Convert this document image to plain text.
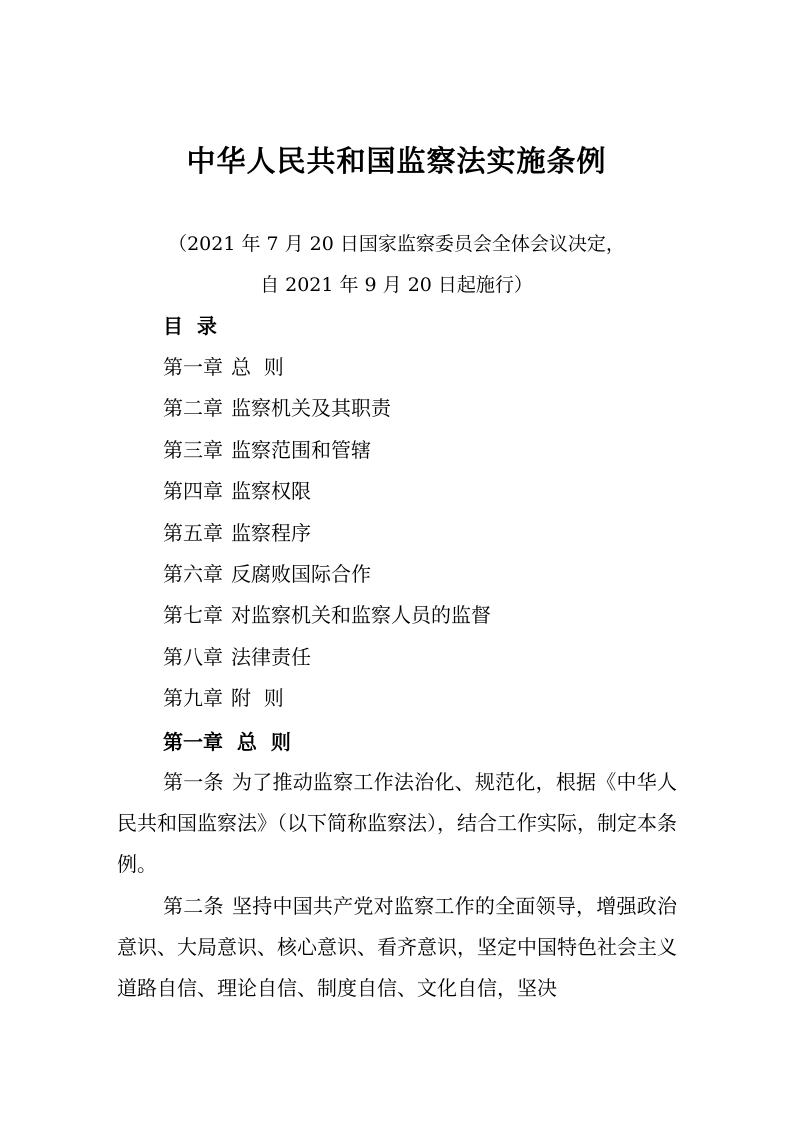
中华人民共和国监察法实施条例
（2021 年 7 月 20 日国家监察委员会全体会议决定，
自 2021 年 9 月 20 日起施行）
目  录
第一章 总  则
第二章 监察机关及其职责
第三章 监察范围和管辖
第四章 监察权限
第五章 监察程序
第六章 反腐败国际合作
第七章 对监察机关和监察人员的监督
第八章 法律责任
第九章 附  则
第一章  总  则

第一条 为了推动监察工作法治化、规范化，根据《中华人民共和国监察法》（以下简称监察法），结合工作实际，制定本条例。

第二条 坚持中国共产党对监察工作的全面领导，增强政治意识、大局意识、核心意识、看齐意识，坚定中国特色社会主义道路自信、理论自信、制度自信、文化自信，坚决
